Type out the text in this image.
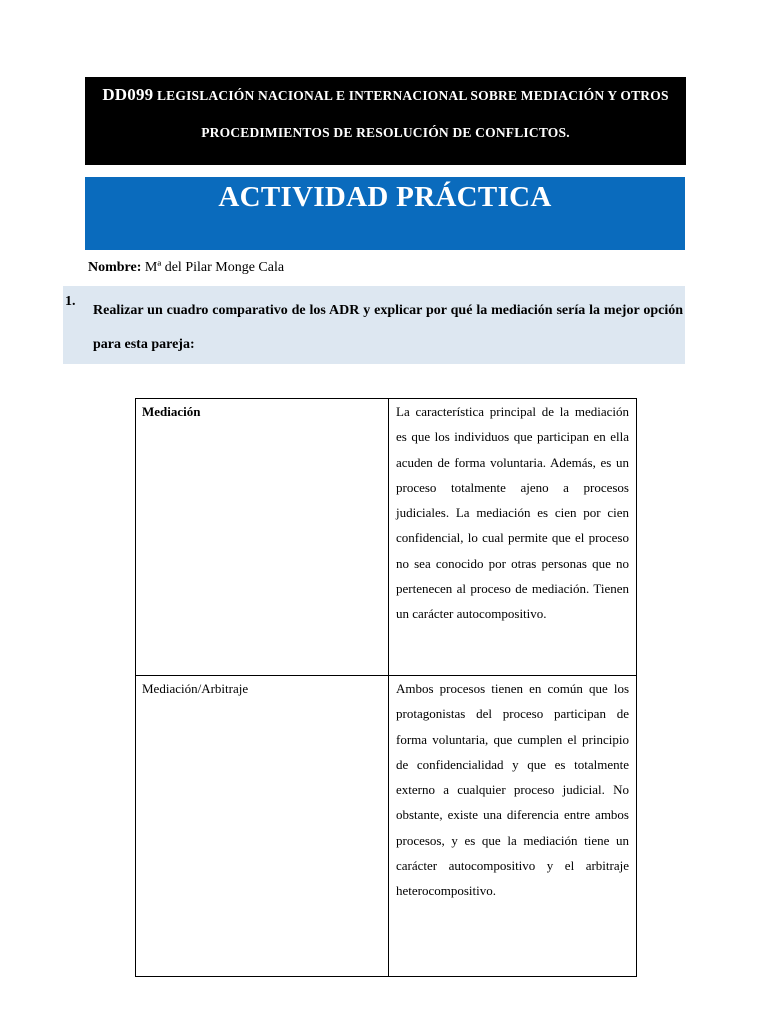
DD099 LEGISLACIÓN NACIONAL E INTERNACIONAL SOBRE MEDIACIÓN Y OTROS
PROCEDIMIENTOS DE RESOLUCIÓN DE CONFLICTOS.
ACTIVIDAD PRÁCTICA
Nombre: Mª del Pilar Monge Cala
1.
Realizar un cuadro comparativo de los ADR y explicar por qué la mediación sería la mejor opción para esta pareja:
Mediación	La característica principal de la mediación es que los individuos que participan en ella acuden de forma voluntaria. Además, es un proceso totalmente ajeno a procesos judiciales. La mediación es cien por cien confidencial, lo cual permite que el proceso no sea conocido por otras personas que no pertenecen al proceso de mediación. Tienen un carácter autocompositivo.
Mediación/Arbitraje	Ambos procesos tienen en común que los protagonistas del proceso participan de forma voluntaria, que cumplen el principio de confidencialidad y que es totalmente externo a cualquier proceso judicial. No obstante, existe una diferencia entre ambos procesos, y es que la mediación tiene un carácter autocompositivo y el arbitraje heterocompositivo.
